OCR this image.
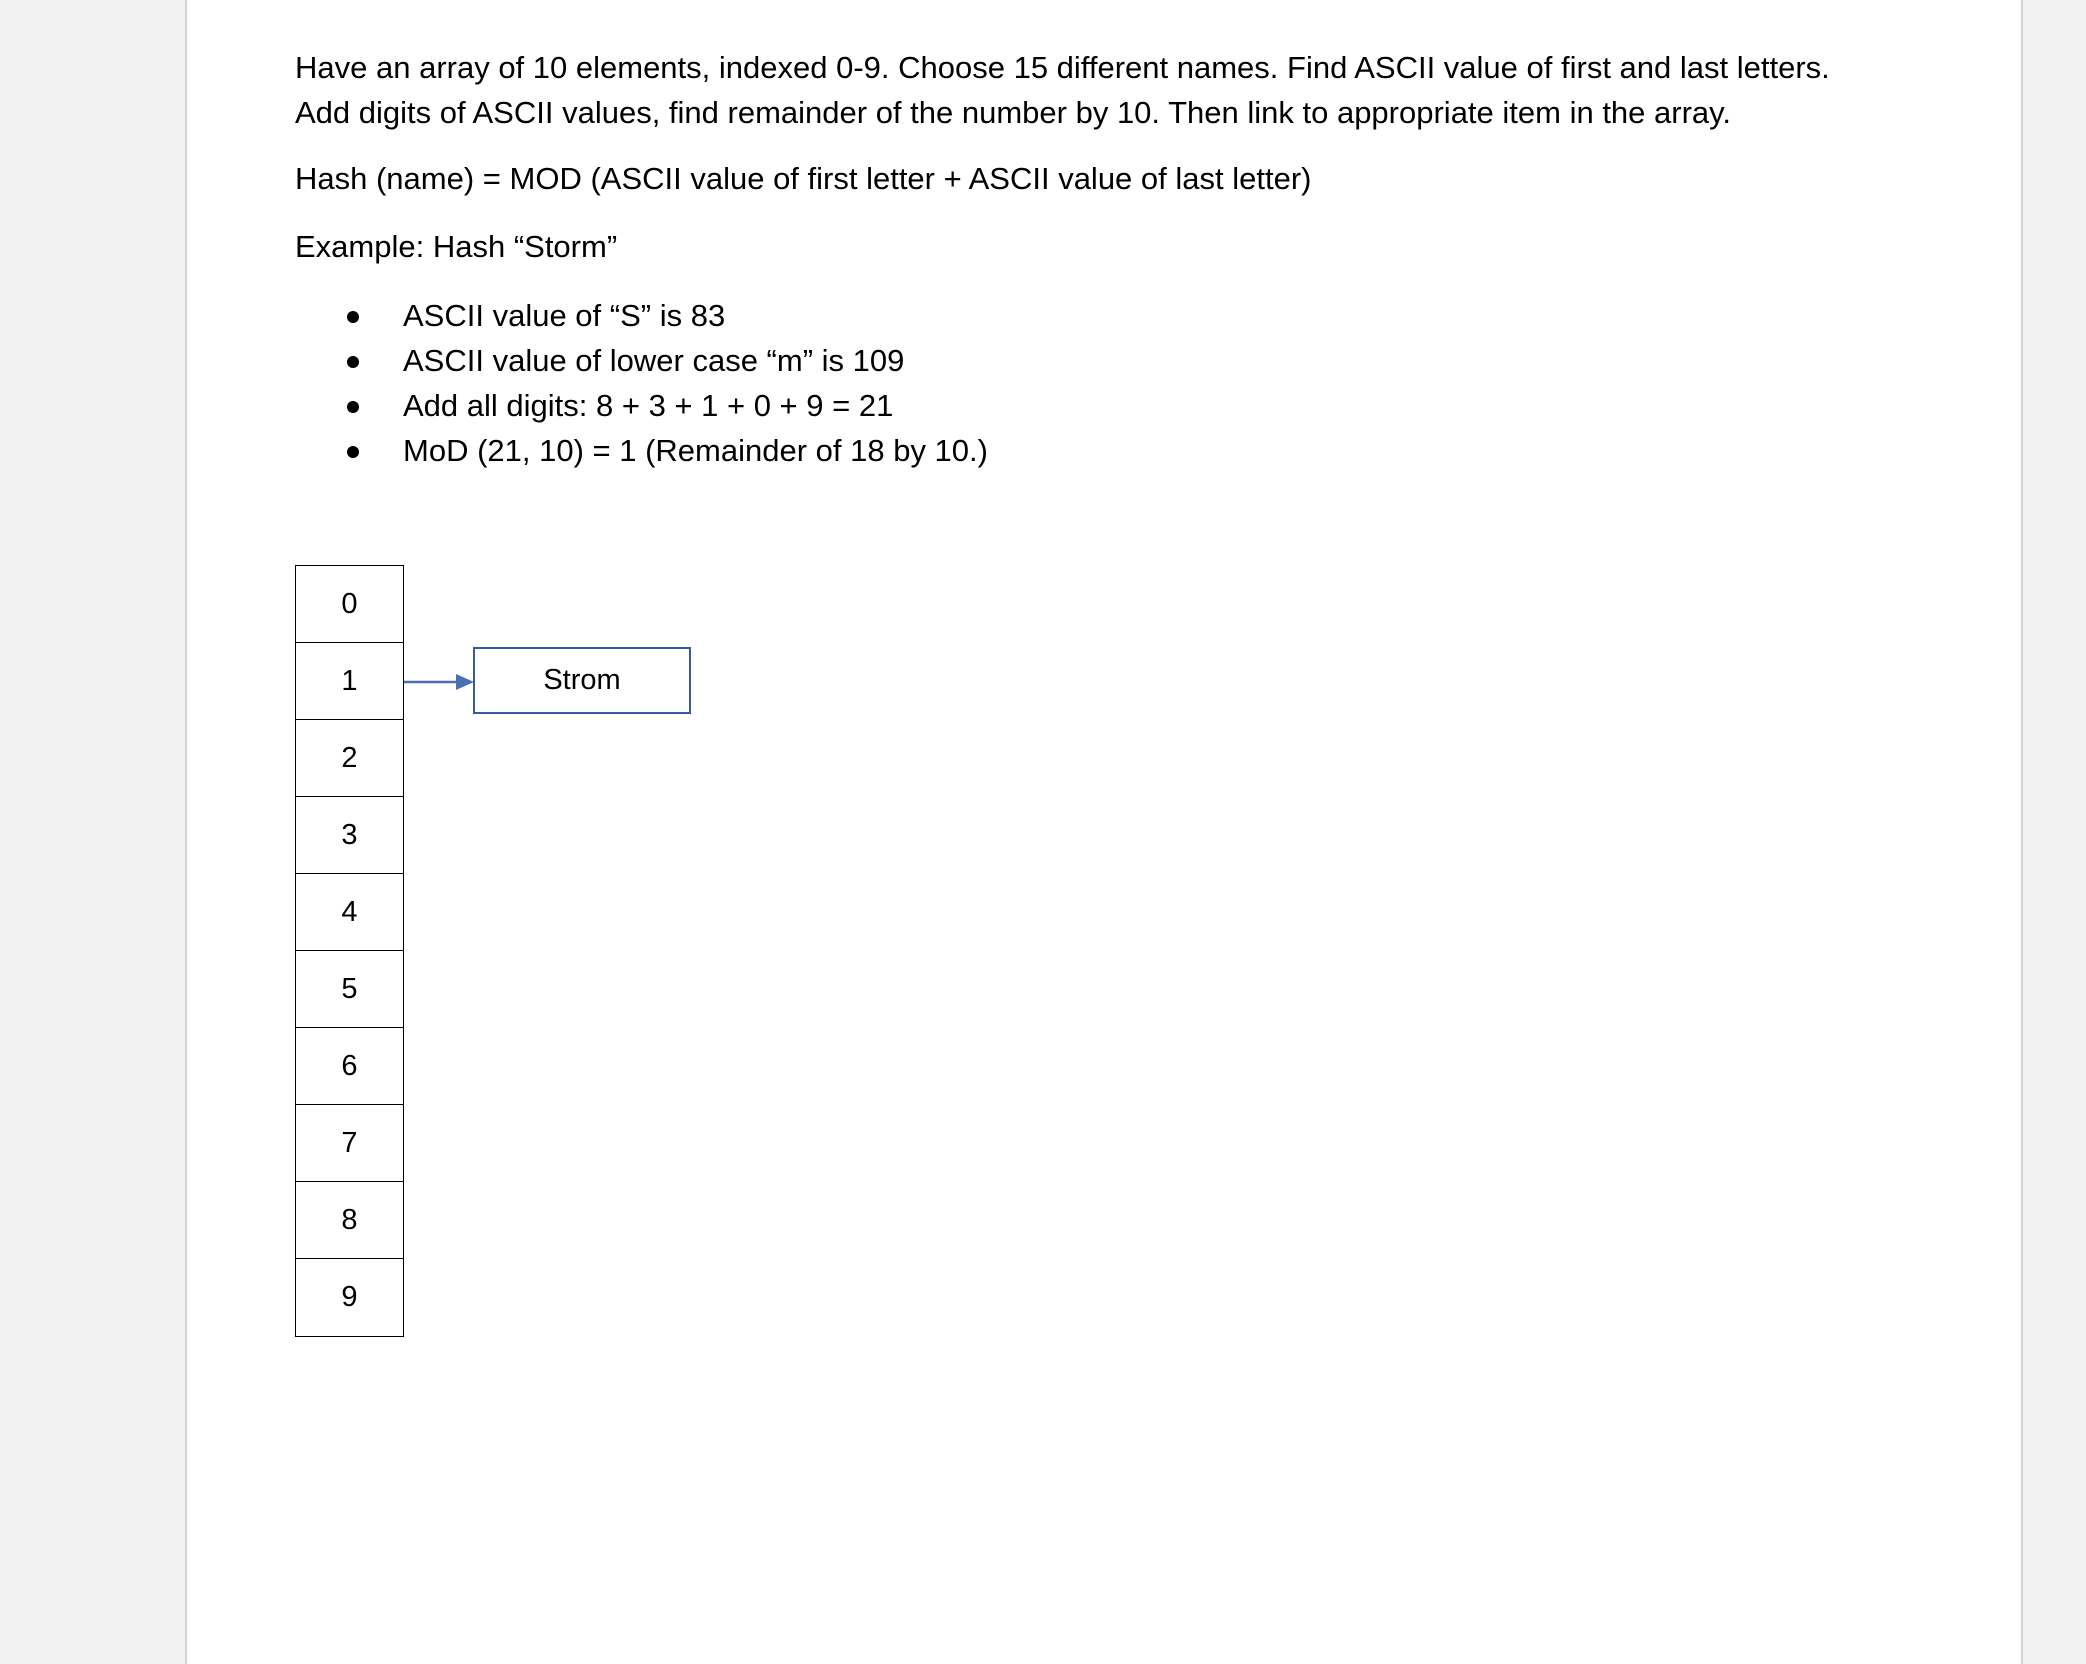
Have an array of 10 elements, indexed 0-9. Choose 15 different names. Find ASCII value of first and last letters. Add digits of ASCII values, find remainder of the number by 10. Then link to appropriate item in the array.

Hash (name) = MOD (ASCII value of first letter + ASCII value of last letter)

Example: Hash “Storm”

ASCII value of “S” is 83
ASCII value of lower case “m” is 109
Add all digits: 8 + 3 + 1 + 0 + 9 = 21
MoD (21, 10) = 1 (Remainder of 18 by 10.)
0
1
2
3
4
5
6
7
8
9
Strom
